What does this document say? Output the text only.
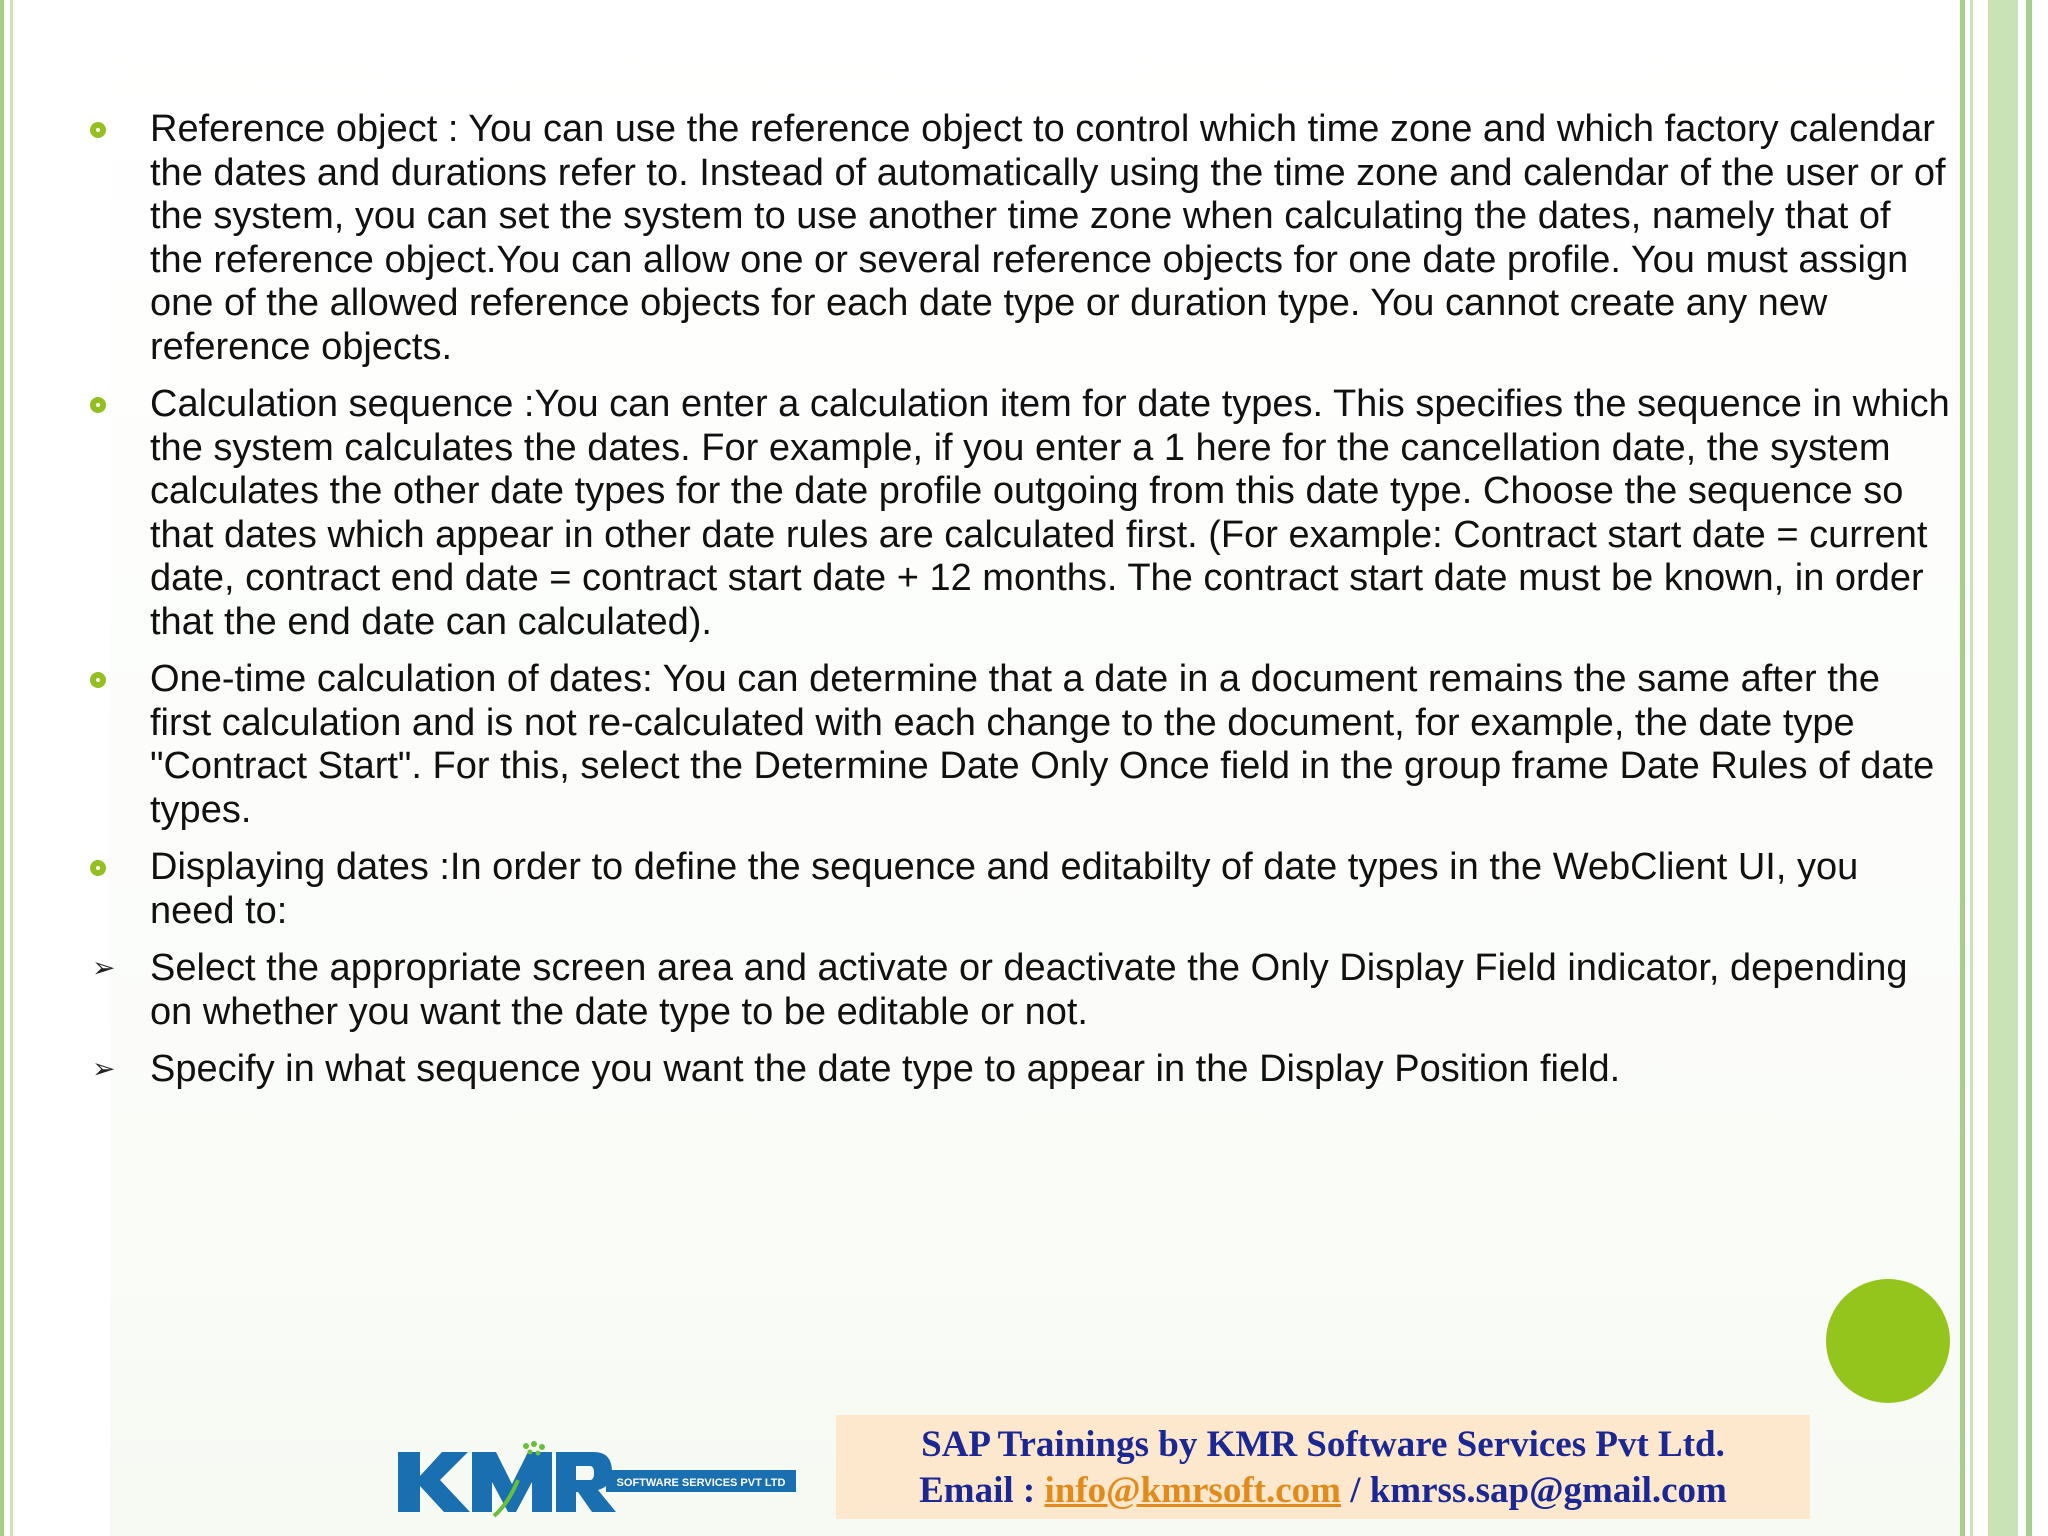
Reference object : You can use the reference object to control which time zone and which factory calendar the dates and durations refer to. Instead of automatically using the time zone and calendar of the user or of the system, you can set the system to use another time zone when calculating the dates, namely that of the reference object.You can allow one or several reference objects for one date profile. You must assign one of the allowed reference objects for each date type or duration type. You cannot create any new reference objects.

Calculation sequence :You can enter a calculation item for date types. This specifies the sequence in which the system calculates the dates. For example, if you enter a 1 here for the cancellation date, the system calculates the other date types for the date profile outgoing from this date type. Choose the sequence so that dates which appear in other date rules are calculated first. (For example: Contract start date = current date, contract end date = contract start date + 12 months. The contract start date must be known, in order that the end date can calculated).

One-time calculation of dates: You can determine that a date in a document remains the same after the first calculation and is not re-calculated with each change to the document, for example, the date type "Contract Start". For this, select the Determine Date Only Once field in the group frame Date Rules of date types.

Displaying dates :In order to define the sequence and editabilty of date types in the WebClient UI, you need to:

➢ Select the appropriate screen area and activate or deactivate the Only Display Field indicator, depending on whether you want the date type to be editable or not.

➢ Specify in what sequence you want the date type to appear in the Display Position field.

SOFTWARE SERVICES PVT LTD
SAP Trainings by KMR Software Services Pvt Ltd.
Email : info@kmrsoft.com / kmrss.sap@gmail.com
